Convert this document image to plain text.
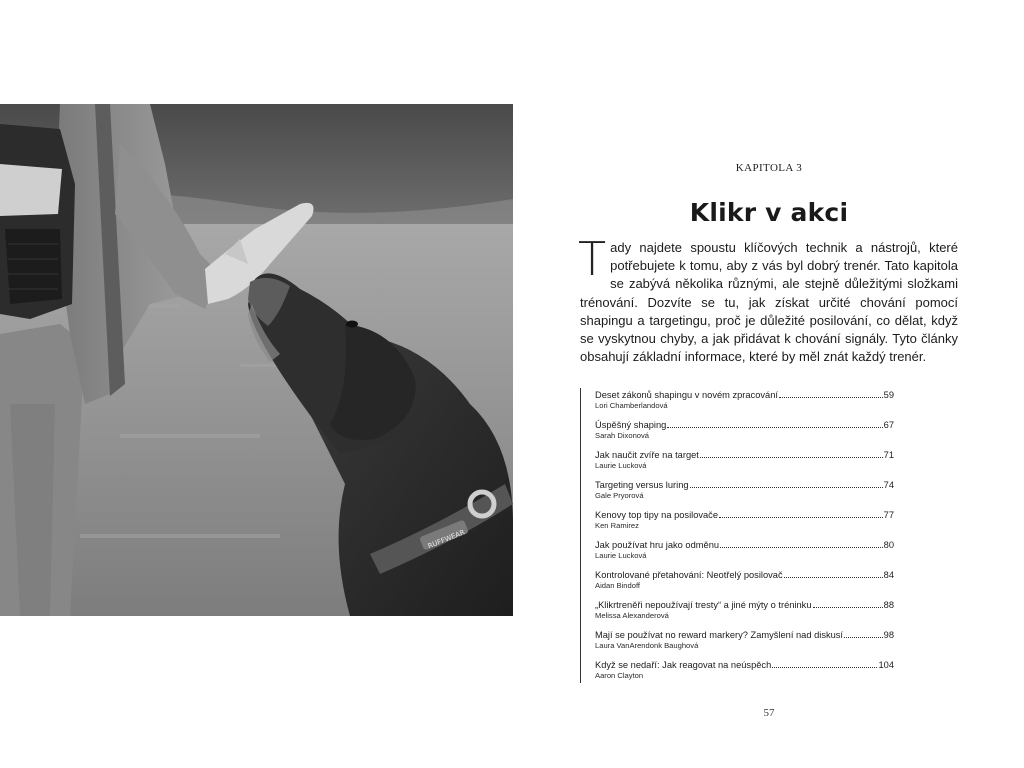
RUFFWEAR
KAPITOLA 3
Klikr v akci

Tady najdete spoustu klíčových technik a nástrojů, které potřebujete k tomu, aby z vás byl dobrý trenér. Tato kapitola se zabývá několika různými, ale stejně důležitými složkami trénování. Dozvíte se tu, jak získat určité chování pomocí shapingu a targetingu, proč je důležité posilování, co dělat, když se vyskytnou chyby, a jak přidávat k chování signály. Tyto články obsahují základní informace, které by měl znát každý trenér.

Deset zákonů shapingu v novém zpracování	59
Lori Chamberlandová
Úspěšný shaping	67
Sarah Dixonová
Jak naučit zvíře na target	71
Laurie Lucková
Targeting versus luring	74
Gale Pryorová
Kenovy top tipy na posilovače	77
Ken Ramirez
Jak používat hru jako odměnu	80
Laurie Lucková
Kontrolované přetahování: Neotřelý posilovač	84
Aidan Bindoff
„Klikrtreněři nepoužívají tresty“ a jiné mýty o tréninku	88
Melissa Alexanderová
Mají se používat no reward markery? Zamyšlení nad diskusí	98
Laura VanArendonk Baughová
Když se nedaří: Jak reagovat na neúspěch	104
Aaron Clayton
57
